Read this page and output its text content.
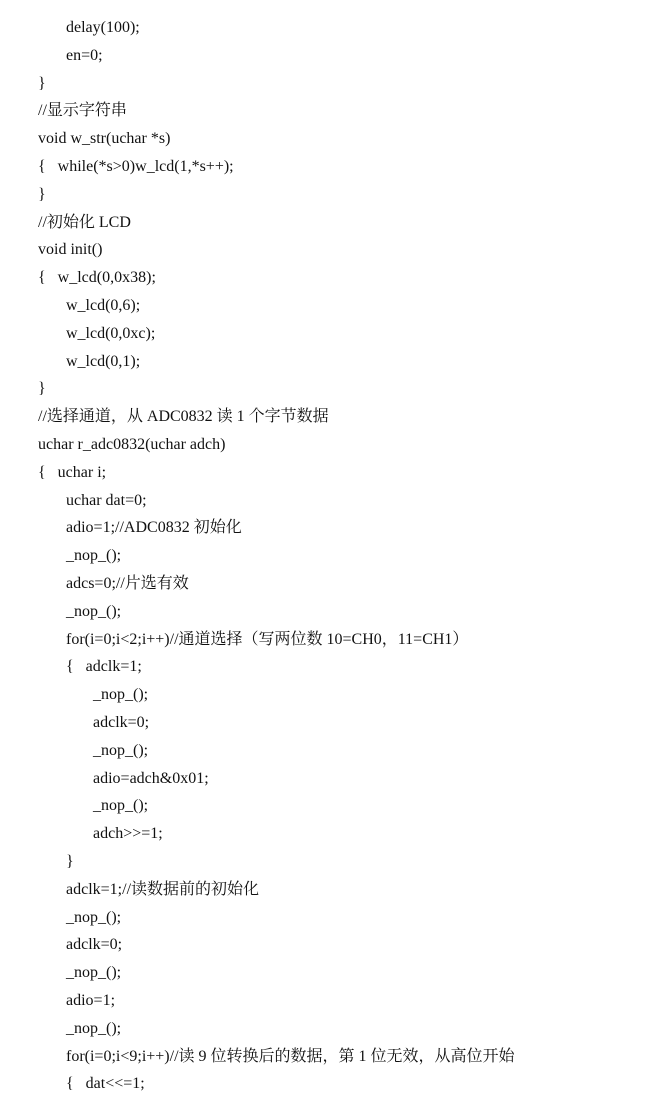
delay(100);
en=0;
}
//显示字符串
void w_str(uchar *s)
{   while(*s>0)w_lcd(1,*s++);
}
//初始化 LCD
void init()
{   w_lcd(0,0x38);
w_lcd(0,6);
w_lcd(0,0xc);
w_lcd(0,1);
}
//选择通道，从 ADC0832 读 1 个字节数据
uchar r_adc0832(uchar adch)
{   uchar i;
uchar dat=0;
adio=1;//ADC0832 初始化
_nop_();
adcs=0;//片选有效
_nop_();
for(i=0;i<2;i++)//通道选择（写两位数 10=CH0，11=CH1）
{   adclk=1;
_nop_();
adclk=0;
_nop_();
adio=adch&0x01;
_nop_();
adch>>=1;
}
adclk=1;//读数据前的初始化
_nop_();
adclk=0;
_nop_();
adio=1;
_nop_();
for(i=0;i<9;i++)//读 9 位转换后的数据，第 1 位无效，从高位开始
{   dat<<=1;
